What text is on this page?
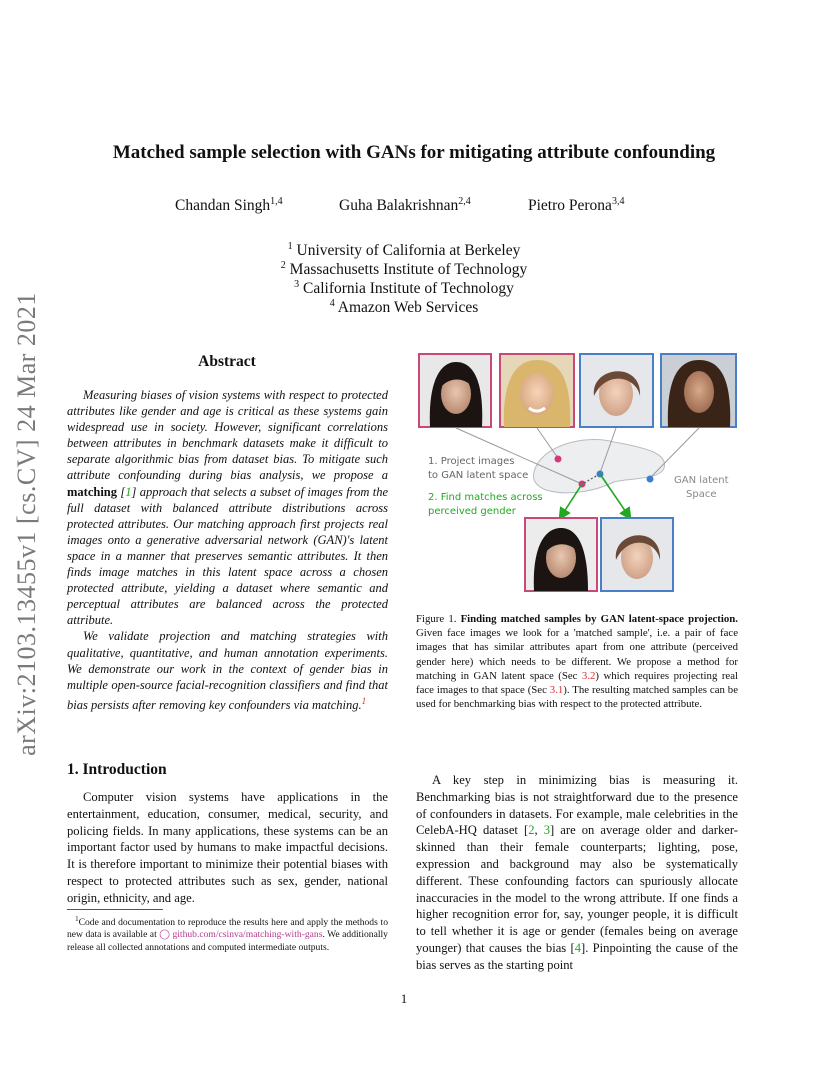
arXiv:2103.13455v1 [cs.CV] 24 Mar 2021
Matched sample selection with GANs for mitigating attribute confounding
Chandan Singh$^{1,4}$	Guha Balakrishnan$^{2,4}$	Pietro Perona$^{3,4}$
$^1$ University of California at Berkeley
$^2$ Massachusetts Institute of Technology
$^3$ California Institute of Technology
$^4$ Amazon Web Services
Abstract

Measuring biases of vision systems with respect to protected attributes like gender and age is critical as these systems gain widespread use in society. However, significant correlations between attributes in benchmark datasets make it difficult to separate algorithmic bias from dataset bias. To mitigate such attribute confounding during bias analysis, we propose a matching [1] approach that selects a subset of images from the full dataset with balanced attribute distributions across protected attributes. Our matching approach first projects real images onto a generative adversarial network (GAN)'s latent space in a manner that preserves semantic attributes. It then finds image matches in this latent space across a chosen protected attribute, yielding a dataset where semantic and perceptual attributes are balanced across the protected attribute.

We validate projection and matching strategies with qualitative, quantitative, and human annotation experiments. We demonstrate our work in the context of gender bias in multiple open-source facial-recognition classifiers and find that bias persists after removing key confounders via matching.$^1$

1. Project images
to GAN latent space
2. Find matches across
perceived gender
GAN latent
Space
Figure 1. Finding matched samples by GAN latent-space projection. Given face images we look for a 'matched sample', i.e. a pair of face images that has similar attributes apart from one attribute (perceived gender here) which needs to be different. We propose a method for matching in GAN latent space (Sec 3.2) which requires projecting real face images to that space (Sec 3.1). The resulting matched samples can be used for benchmarking bias with respect to the protected attribute.
1. Introduction

Computer vision systems have applications in the entertainment, education, consumer, medical, security, and policing fields. In many applications, these systems can be an important factor used by humans to make impactful decisions. It is therefore important to minimize their potential biases with respect to protected attributes such as sex, gender, national origin, ethnicity, and age.

$^1$Code and documentation to reproduce the results here and apply the methods to new data is available at ◯ github.com/csinva/matching-with-gans. We additionally release all collected annotations and computed intermediate outputs.

A key step in minimizing bias is measuring it. Benchmarking bias is not straightforward due to the presence of confounders in datasets. For example, male celebrities in the CelebA-HQ dataset [2, 3] are on average older and darker-skinned than their female counterparts; lighting, pose, expression and background may also be systematically different. These confounding factors can spuriously allocate inaccuracies in the model to the wrong attribute. If one finds a higher recognition error for, say, younger people, it is difficult to tell whether it is age or gender (females being on average younger) that causes the bias [4]. Pinpointing the cause of the bias serves as the starting point

1
